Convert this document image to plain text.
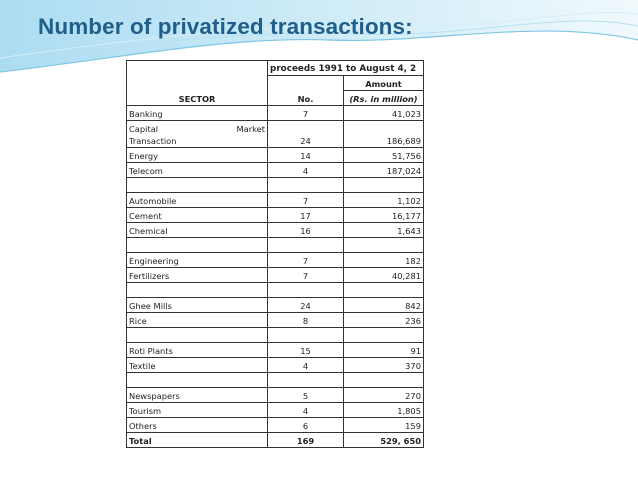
Number of privatized transactions:
SECTOR	proceeds 1991 to August 4, 2	
	No.	Amount
		(Rs. in million)
Banking	7	41,023

Capital Market
Transaction	24	186,689
Energy	14	51,756
Telecom	4	187,024

Automobile	7	1,102
Cement	17	16,177
Chemical	16	1,643

Engineering	7	182
Fertilizers	7	40,281

Ghee Mills	24	842
Rice	8	236

Roti Plants	15	91
Textile	4	370

Newspapers	5	270
Tourism	4	1,805
Others	6	159
Total	169	529, 650
